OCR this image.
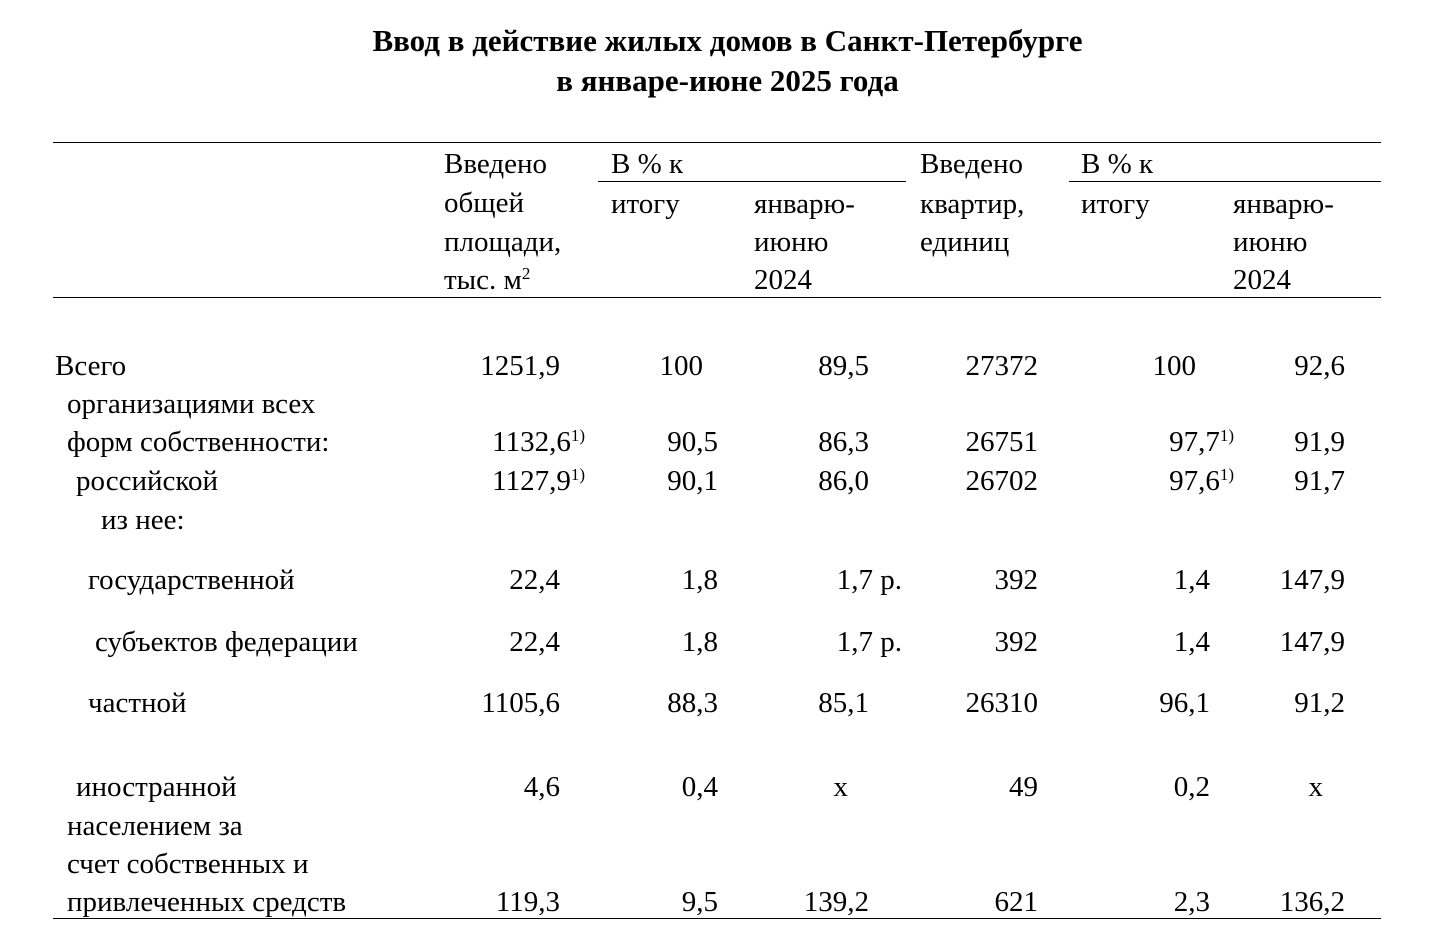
Ввод в действие жилых домов в Санкт-Петербурге
в январе-июне 2025 года
Введено
общей
площади,
тыс. $м^2$
В % к
итогу	январю-
июню
2024
Введено
квартир,
единиц
В % к
итогу	январю-
июню
2024
Всего	1251,9	100	89,5	27372	100	92,6
организациями всех
форм собственности:	1132,6$^{1)}$	90,5	86,3	26751	97,7$^{1)}$ 91,9
российской	1127,9$^{1)}$	90,1	86,0	26702	97,6$^{1)}$ 91,7
из нее:
государственной	22,4	1,8	1,7 р.	392	1,4 147,9
субъектов федерации	22,4	1,8	1,7 р.	392	1,4 147,9
частной	1105,6	88,3	85,1	26310	96,1	91,2
иностранной	4,6	0,4	х	49	0,2	х
населением за
счет собственных и
привлеченных средств	119,3	9,5	139,2	621	2,3 136,2
